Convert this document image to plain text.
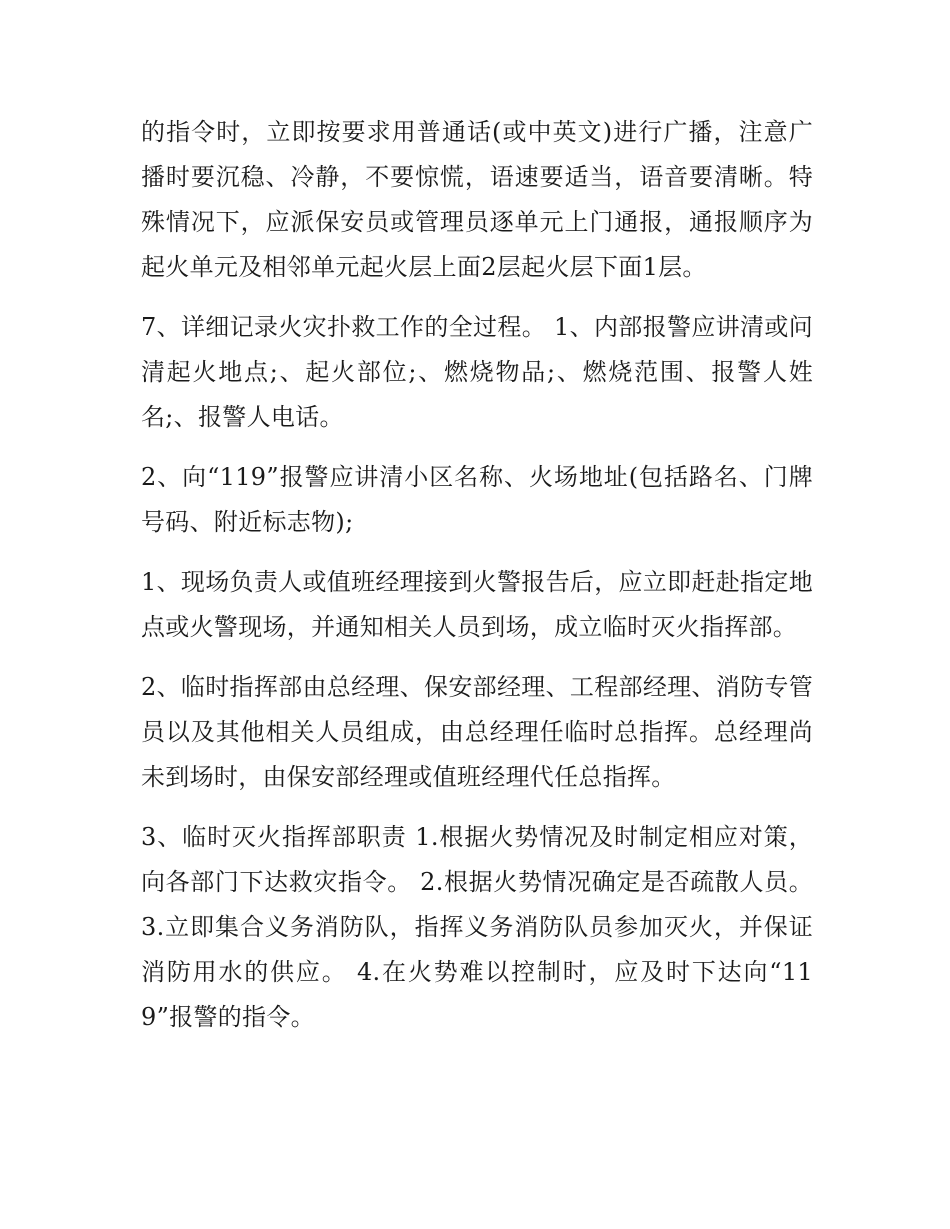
的指令时，立即按要求用普通话(或中英文)进行广播，注意广播时要沉稳、冷静，不要惊慌，语速要适当，语音要清晰。特殊情况下，应派保安员或管理员逐单元上门通报，通报顺序为起火单元及相邻单元起火层上面2层起火层下面1层。

7、详细记录火灾扑救工作的全过程。 1、内部报警应讲清或问清起火地点;、起火部位;、燃烧物品;、燃烧范围、报警人姓名;、报警人电话。

2、向“119”报警应讲清小区名称、火场地址(包括路名、门牌号码、附近标志物);

1、现场负责人或值班经理接到火警报告后，应立即赶赴指定地点或火警现场，并通知相关人员到场，成立临时灭火指挥部。

2、临时指挥部由总经理、保安部经理、工程部经理、消防专管员以及其他相关人员组成，由总经理任临时总指挥。总经理尚未到场时，由保安部经理或值班经理代任总指挥。

3、临时灭火指挥部职责 1.根据火势情况及时制定相应对策，向各部门下达救灾指令。 2.根据火势情况确定是否疏散人员。 3.立即集合义务消防队，指挥义务消防队员参加灭火，并保证消防用水的供应。 4.在火势难以控制时，应及时下达向“119”报警的指令。
